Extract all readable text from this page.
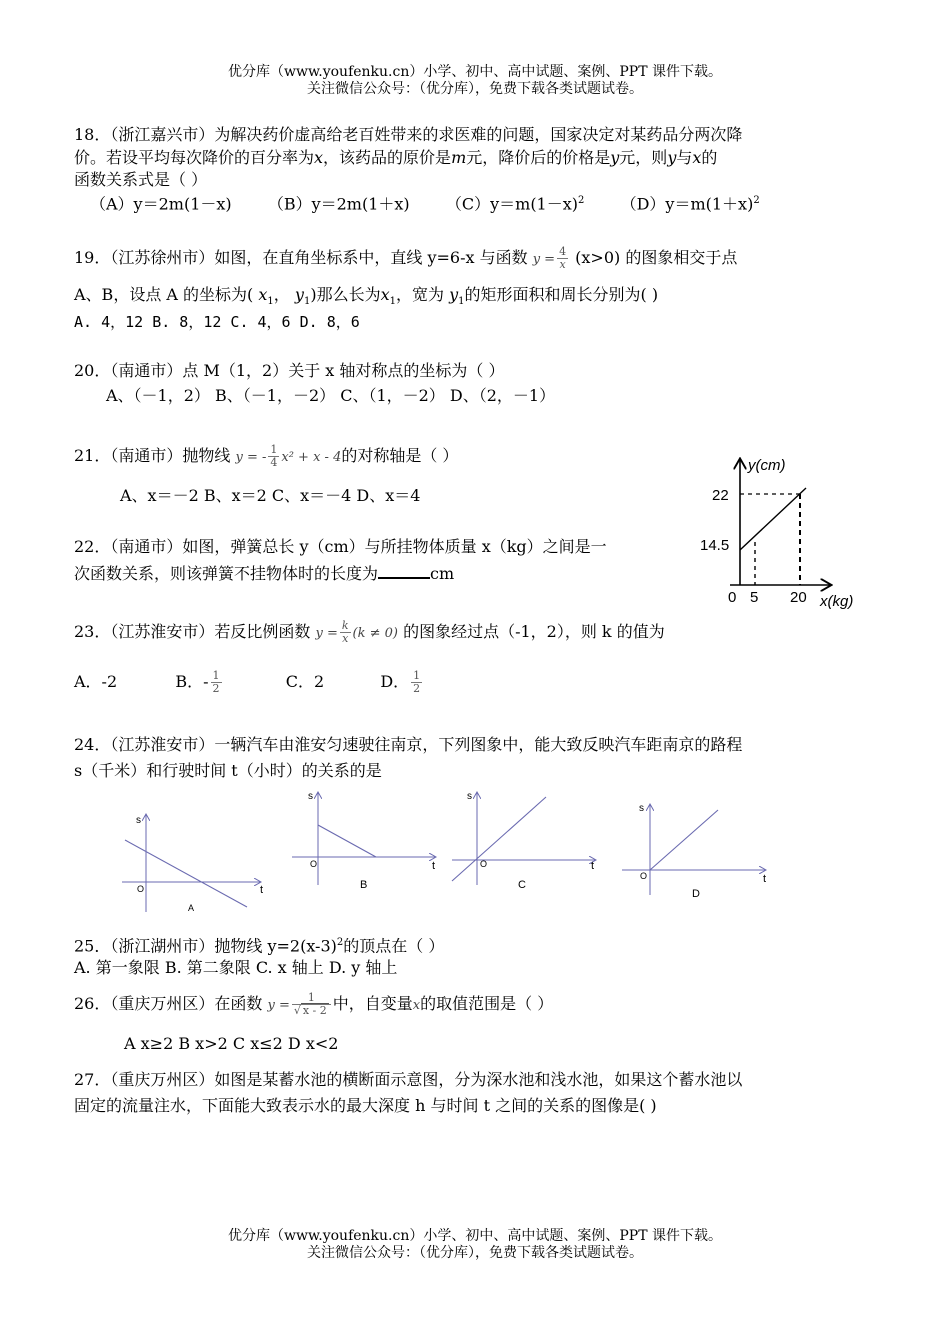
优分库（www.youfenku.cn）小学、初中、高中试题、案例、PPT 课件下载。
关注微信公众号：（优分库），免费下载各类试题试卷。
18．（浙江嘉兴市）为解决药价虚高给老百姓带来的求医难的问题，国家决定对某药品分两次降
价。若设平均每次降价的百分率为x，该药品的原价是m元，降价后的价格是y元，则y与x的
函数关系式是（ ）
（A）y＝2m(1－x) （B）y＝2m(1＋x) $(C)y=m(1-x)^2$ $(D)y=m(1+x)^2$
19．（江苏徐州市）如图，在直角坐标系中，直线 y=6-x 与函数 $y = \frac{4}{x} (x>0)$ 的图象相交于点
A、B，设点 A 的坐标为( $x_1$， $y_1$)那么长为$x_1$，宽为 $y_1$的矩形面积和周长分别为( )
A. 4，12 B. 8，12 C. 4，6 D. 8，6
20．（南通市）点 M（1，2）关于 x 轴对称点的坐标为（ ）
A、（－1，2） B、（－1，－2） C、（1，－2） D、（2，－1）
21．（南通市）抛物线 y = - $\frac{1}{4} x^2 + x - 4$的对称轴是（ ）
A、x＝－2 B、x＝2 C、x＝－4 D、x＝4
y(cm)
x(kg)
22
14.5
0 5 20
22．（南通市）如图，弹簧总长 y（cm）与所挂物体质量 x（kg）之间是一
次函数关系，则该弹簧不挂物体时的长度为	cm
23．（江苏淮安市）若反比例函数 $y = \frac{k}{x} (k \ne 0)$ 的图象经过点（-1，2），则 k 的值为
A．-2	B．- $\frac{1}{2}$	C．2	D． $\frac{1}{2}$
24．（江苏淮安市）一辆汽车由淮安匀速驶往南京，下列图象中，能大致反映汽车距南京的路程
s（千米）和行驶时间 t（小时）的关系的是
s
O	t
A
s
O	t
B
s
O	t
C
s
O	t
D
25．（浙江湖州市）抛物线 $y=2(x-3)^2$的顶点在（ ）
A. 第一象限 B. 第二象限 C. x 轴上 D. y 轴上
26．（重庆万州区）在函数 $y = \frac{1}{√ x - 2}$ 中，自变量x的取值范围是（ ）
A x≥2 B x>2 C x≤2 D x<2
27．（重庆万州区）如图是某蓄水池的横断面示意图，分为深水池和浅水池，如果这个蓄水池以
固定的流量注水，下面能大致表示水的最大深度 h 与时间 t 之间的关系的图像是( )
优分库（www.youfenku.cn）小学、初中、高中试题、案例、PPT 课件下载。
关注微信公众号：（优分库），免费下载各类试题试卷。
